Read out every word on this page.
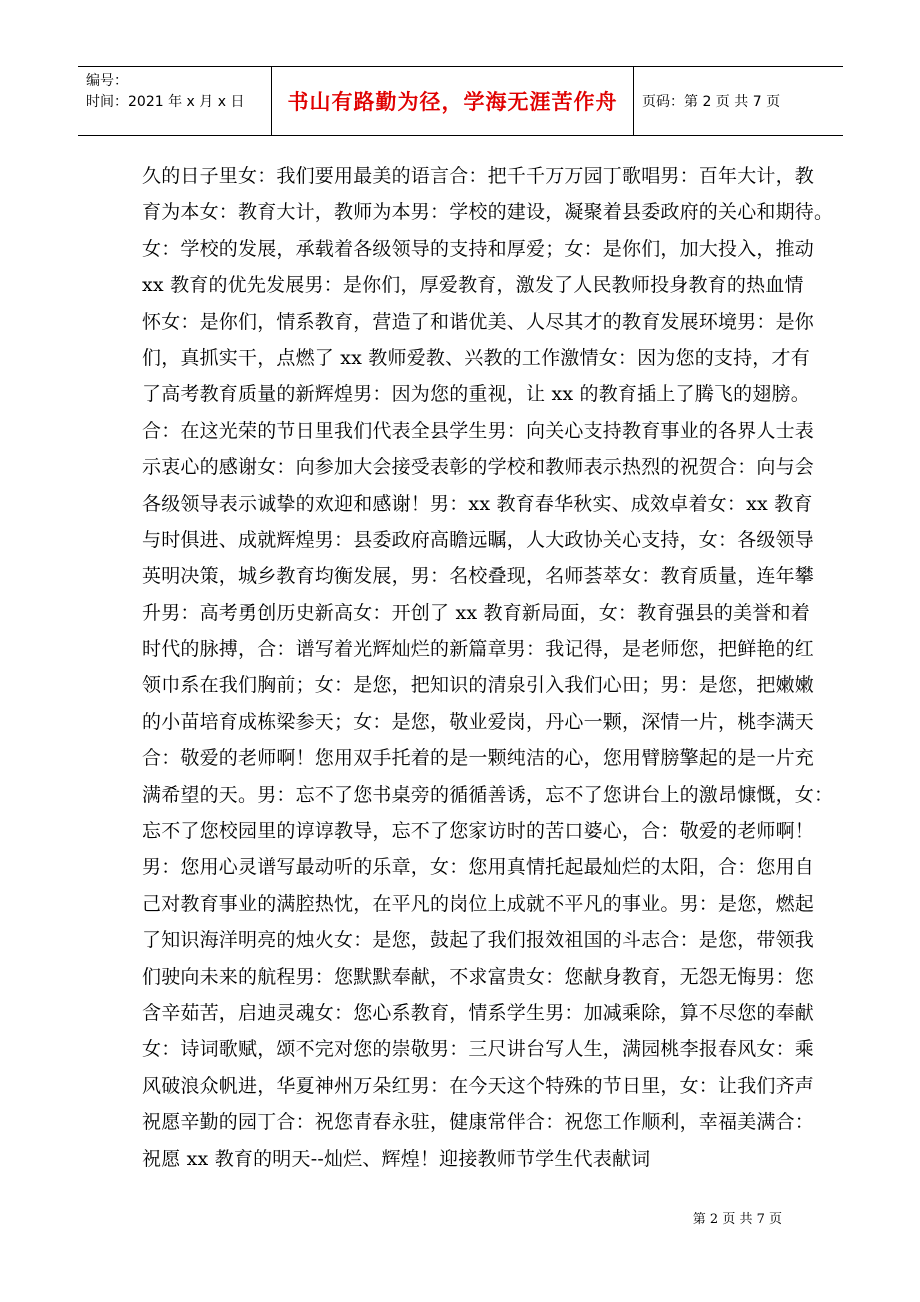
编号：
时间：2021 年 x 月 x 日	书山有路勤为径，学海无涯苦作舟	页码：第 2 页 共 7 页
久的日子里女：我们要用最美的语言合：把千千万万园丁歌唱男：百年大计，教
育为本女：教育大计，教师为本男：学校的建设，凝聚着县委政府的关心和期待。
女：学校的发展，承载着各级领导的支持和厚爱；女：是你们，加大投入，推动
xx 教育的优先发展男：是你们，厚爱教育，激发了人民教师投身教育的热血情
怀女：是你们，情系教育，营造了和谐优美、人尽其才的教育发展环境男：是你
们，真抓实干，点燃了 xx 教师爱教、兴教的工作激情女：因为您的支持，才有
了高考教育质量的新辉煌男：因为您的重视，让 xx 的教育插上了腾飞的翅膀。
合：在这光荣的节日里我们代表全县学生男：向关心支持教育事业的各界人士表
示衷心的感谢女：向参加大会接受表彰的学校和教师表示热烈的祝贺合：向与会
各级领导表示诚挚的欢迎和感谢！男：xx 教育春华秋实、成效卓着女：xx 教育
与时俱进、成就辉煌男：县委政府高瞻远瞩，人大政协关心支持，女：各级领导
英明决策，城乡教育均衡发展，男：名校叠现，名师荟萃女：教育质量，连年攀
升男：高考勇创历史新高女：开创了 xx 教育新局面，女：教育强县的美誉和着
时代的脉搏，合：谱写着光辉灿烂的新篇章男：我记得，是老师您，把鲜艳的红
领巾系在我们胸前；女：是您，把知识的清泉引入我们心田；男：是您，把嫩嫩
的小苗培育成栋梁参天；女：是您，敬业爱岗，丹心一颗，深情一片，桃李满天
合：敬爱的老师啊！您用双手托着的是一颗纯洁的心，您用臂膀擎起的是一片充
满希望的天。男：忘不了您书桌旁的循循善诱，忘不了您讲台上的激昂慷慨，女：
忘不了您校园里的谆谆教导，忘不了您家访时的苦口婆心，合：敬爱的老师啊！
男：您用心灵谱写最动听的乐章，女：您用真情托起最灿烂的太阳，合：您用自
己对教育事业的满腔热忱，在平凡的岗位上成就不平凡的事业。男：是您，燃起
了知识海洋明亮的烛火女：是您，鼓起了我们报效祖国的斗志合：是您，带领我
们驶向未来的航程男：您默默奉献，不求富贵女：您献身教育，无怨无悔男：您
含辛茹苦，启迪灵魂女：您心系教育，情系学生男：加减乘除，算不尽您的奉献
女：诗词歌赋，颂不完对您的崇敬男：三尺讲台写人生，满园桃李报春风女：乘
风破浪众帆进，华夏神州万朵红男：在今天这个特殊的节日里，女：让我们齐声
祝愿辛勤的园丁合：祝您青春永驻，健康常伴合：祝您工作顺利，幸福美满合：
祝愿 xx 教育的明天--灿烂、辉煌！迎接教师节学生代表献词
第 2 页 共 7 页
